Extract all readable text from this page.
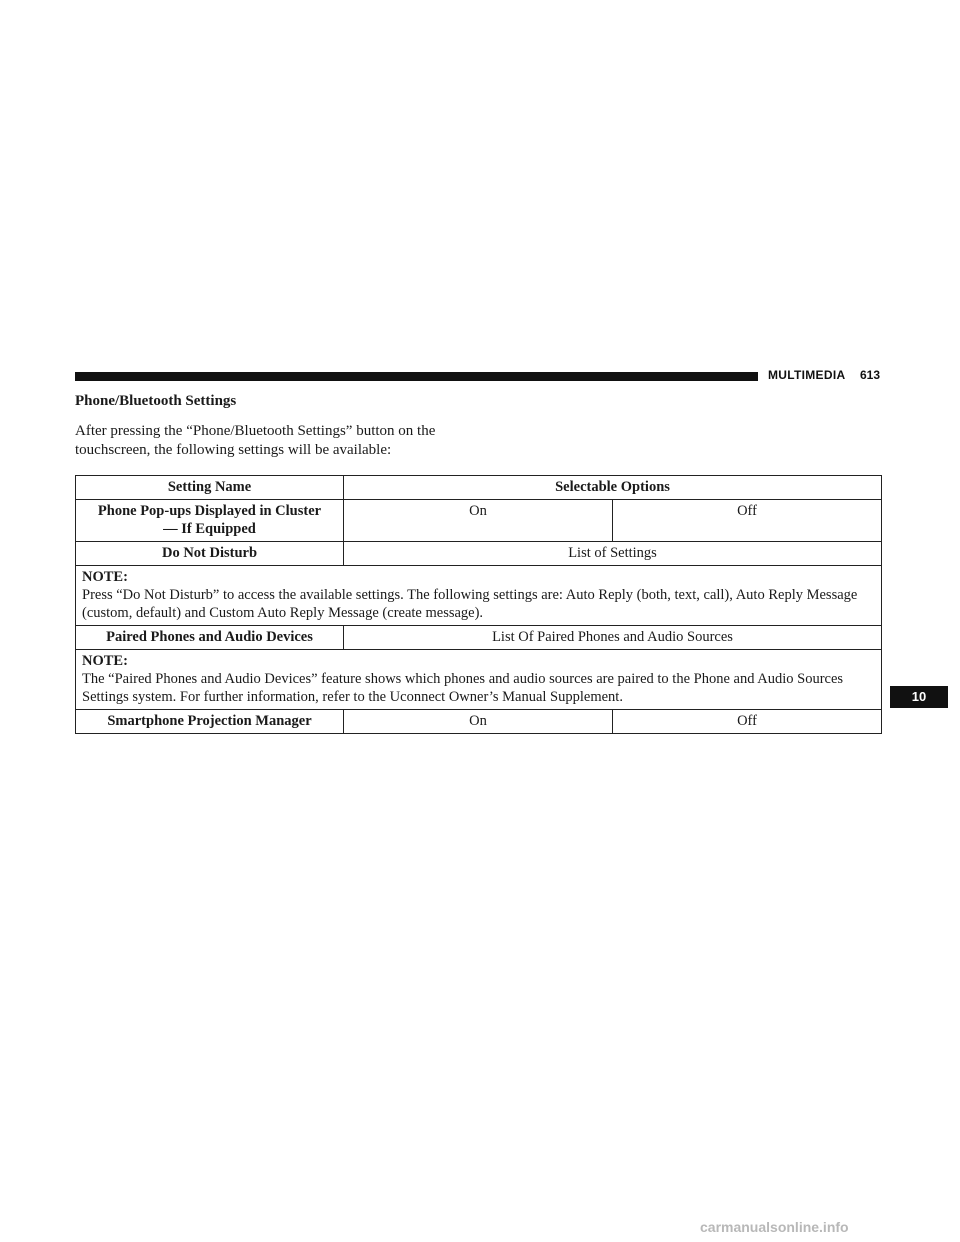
MULTIMEDIA 613
Phone/Bluetooth Settings

After pressing the “Phone/Bluetooth Settings” button on the touchscreen, the following settings will be available:

Setting Name	Selectable Options	
Phone Pop-ups Displayed in Cluster
— If Equipped	On	Off
Do Not Disturb	List of Settings	

NOTE:
Press “Do Not Disturb” to access the available settings. The following settings are: Auto Reply (both, text, call), Auto Reply Message (custom, default) and Custom Auto Reply Message (create message).		
Paired Phones and Audio Devices	List Of Paired Phones and Audio Sources	

NOTE:
The “Paired Phones and Audio Devices” feature shows which phones and audio sources are paired to the Phone and Audio Sources Settings system. For further information, refer to the Uconnect Owner’s Manual Supplement.		
Smartphone Projection Manager	On	Off
10
carmanualsonline.info
